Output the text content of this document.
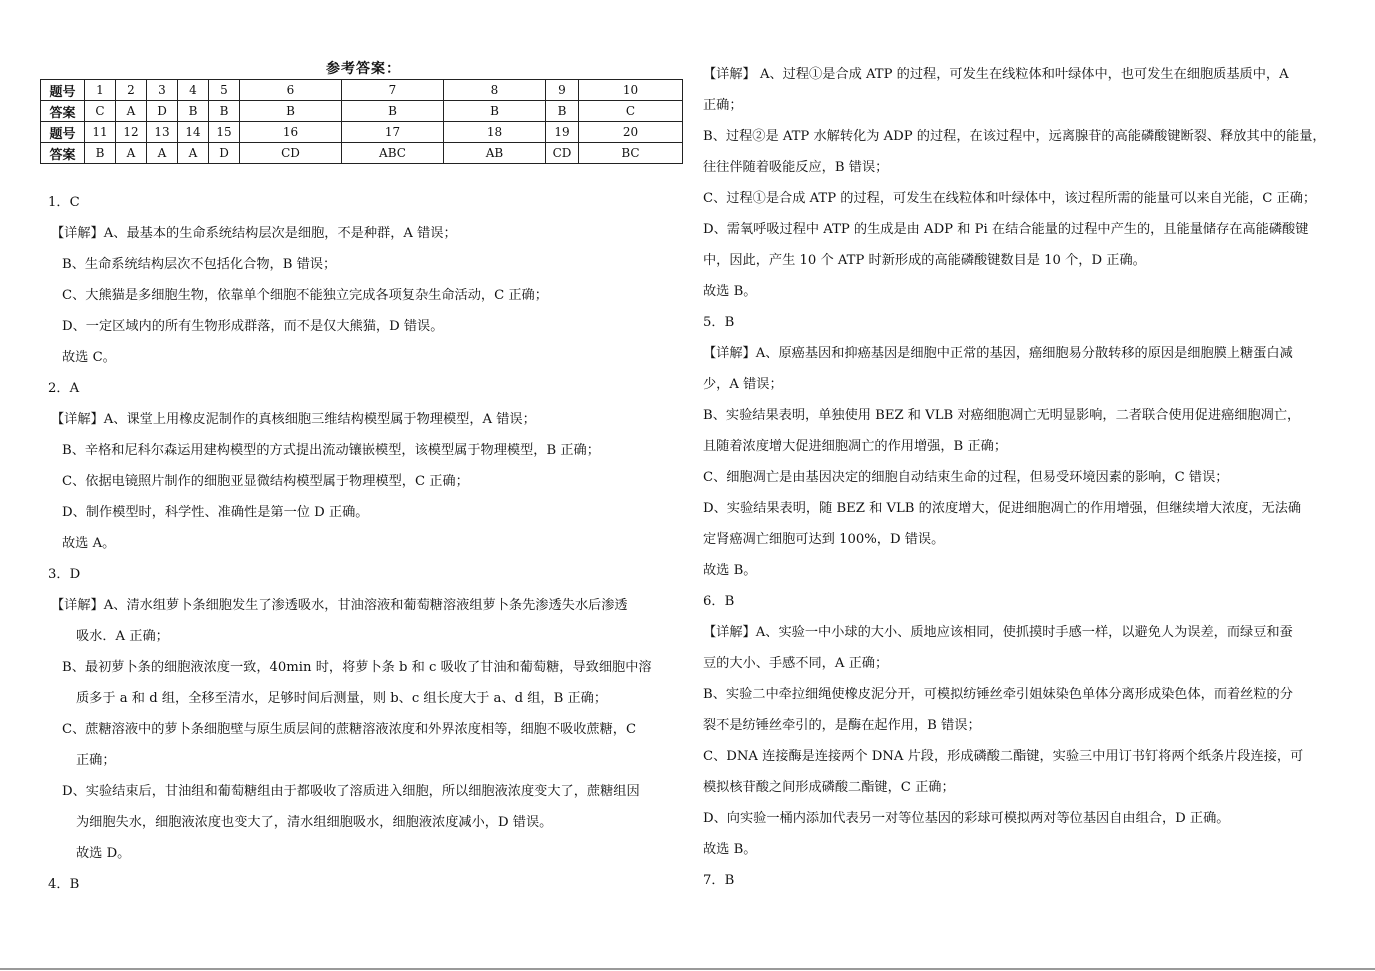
参考答案：
题号	1	2	3	4	5	6	7	8	9	10
答案	C	A	D	B	B	B	B	B	B	C
题号	11	12	13	14	15	16	17	18	19	20
答案	B	A	A	A	D	CD	ABC	AB	CD	BC
1．C
【详解】A、最基本的生命系统结构层次是细胞，不是种群，A 错误；
B、生命系统结构层次不包括化合物，B 错误；
C、大熊猫是多细胞生物，依靠单个细胞不能独立完成各项复杂生命活动，C 正确；
D、一定区域内的所有生物形成群落，而不是仅大熊猫，D 错误。
故选 C。
2．A
【详解】A、课堂上用橡皮泥制作的真核细胞三维结构模型属于物理模型，A 错误；
B、辛格和尼科尔森运用建构模型的方式提出流动镶嵌模型，该模型属于物理模型，B 正确；
C、依据电镜照片制作的细胞亚显微结构模型属于物理模型，C 正确；
D、制作模型时，科学性、准确性是第一位 D 正确。
故选 A。
3．D
【详解】A、清水组萝卜条细胞发生了渗透吸水，甘油溶液和葡萄糖溶液组萝卜条先渗透失水后渗透
吸水．A 正确；
B、最初萝卜条的细胞液浓度一致，40min 时，将萝卜条 b 和 c 吸收了甘油和葡萄糖，导致细胞中溶
质多于 a 和 d 组，全移至清水，足够时间后测量，则 b、c 组长度大于 a、d 组，B 正确；
C、蔗糖溶液中的萝卜条细胞壁与原生质层间的蔗糖溶液浓度和外界浓度相等，细胞不吸收蔗糖，C
正确；
D、实验结束后，甘油组和葡萄糖组由于都吸收了溶质进入细胞，所以细胞液浓度变大了，蔗糖组因
为细胞失水，细胞液浓度也变大了，清水组细胞吸水，细胞液浓度减小，D 错误。
故选 D。
4．B
【详解】 A、过程①是合成 ATP 的过程，可发生在线粒体和叶绿体中，也可发生在细胞质基质中，A
正确；
B、过程②是 ATP 水解转化为 ADP 的过程，在该过程中，远离腺苷的高能磷酸键断裂、释放其中的能量，
往往伴随着吸能反应，B 错误；
C、过程①是合成 ATP 的过程，可发生在线粒体和叶绿体中，该过程所需的能量可以来自光能，C 正确；
D、需氧呼吸过程中 ATP 的生成是由 ADP 和 Pi 在结合能量的过程中产生的，且能量储存在高能磷酸键
中，因此，产生 10 个 ATP 时新形成的高能磷酸键数目是 10 个，D 正确。
故选 B。
5．B
【详解】A、原癌基因和抑癌基因是细胞中正常的基因，癌细胞易分散转移的原因是细胞膜上糖蛋白减
少，A 错误；
B、实验结果表明，单独使用 BEZ 和 VLB 对癌细胞凋亡无明显影响，二者联合使用促进癌细胞凋亡，
且随着浓度增大促进细胞凋亡的作用增强，B 正确；
C、细胞凋亡是由基因决定的细胞自动结束生命的过程，但易受环境因素的影响，C 错误；
D、实验结果表明，随 BEZ 和 VLB 的浓度增大，促进细胞凋亡的作用增强，但继续增大浓度，无法确
定肾癌凋亡细胞可达到 100%，D 错误。
故选 B。
6．B
【详解】A、实验一中小球的大小、质地应该相同，使抓摸时手感一样，以避免人为误差，而绿豆和蚕
豆的大小、手感不同，A 正确；
B、实验二中牵拉细绳使橡皮泥分开，可模拟纺锤丝牵引姐妹染色单体分离形成染色体，而着丝粒的分
裂不是纺锤丝牵引的，是酶在起作用，B 错误；
C、DNA 连接酶是连接两个 DNA 片段，形成磷酸二酯键，实验三中用订书钉将两个纸条片段连接，可
模拟核苷酸之间形成磷酸二酯键，C 正确；
D、向实验一桶内添加代表另一对等位基因的彩球可模拟两对等位基因自由组合，D 正确。
故选 B。
7．B
